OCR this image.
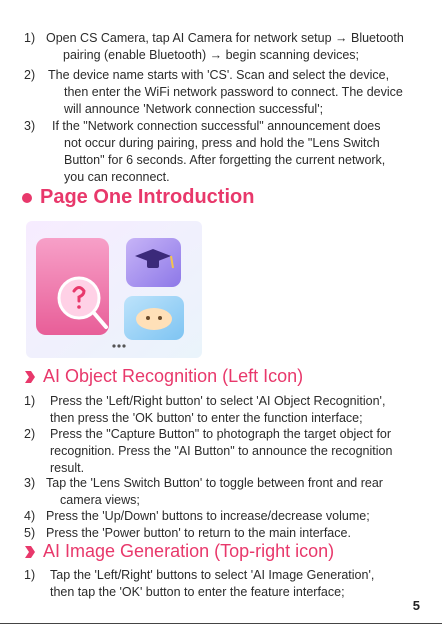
1) Open CS Camera, tap AI Camera for network setup → Bluetooth
pairing (enable Bluetooth) → begin scanning devices;
2) The device name starts with 'CS'. Scan and select the device,
then enter the WiFi network password to connect. The device
will announce 'Network connection successful';
3) If the "Network connection successful" announcement does
not occur during pairing, press and hold the "Lens Switch
Button" for 6 seconds. After forgetting the current network,
you can reconnect.
Page One Introduction
AI Object Recognition (Left Icon)
1) Press the 'Left/Right button' to select 'AI Object Recognition',
then press the 'OK button' to enter the function interface;
2) Press the "Capture Button" to photograph the target object for
recognition. Press the "AI Button" to announce the recognition
result.
3) Tap the 'Lens Switch Button' to toggle between front and rear
camera views;
4) Press the 'Up/Down' buttons to increase/decrease volume;
5) Press the 'Power button' to return to the main interface.
AI Image Generation (Top-right icon)
1) Tap the 'Left/Right' buttons to select 'AI Image Generation',
then tap the 'OK' button to enter the feature interface;
5
